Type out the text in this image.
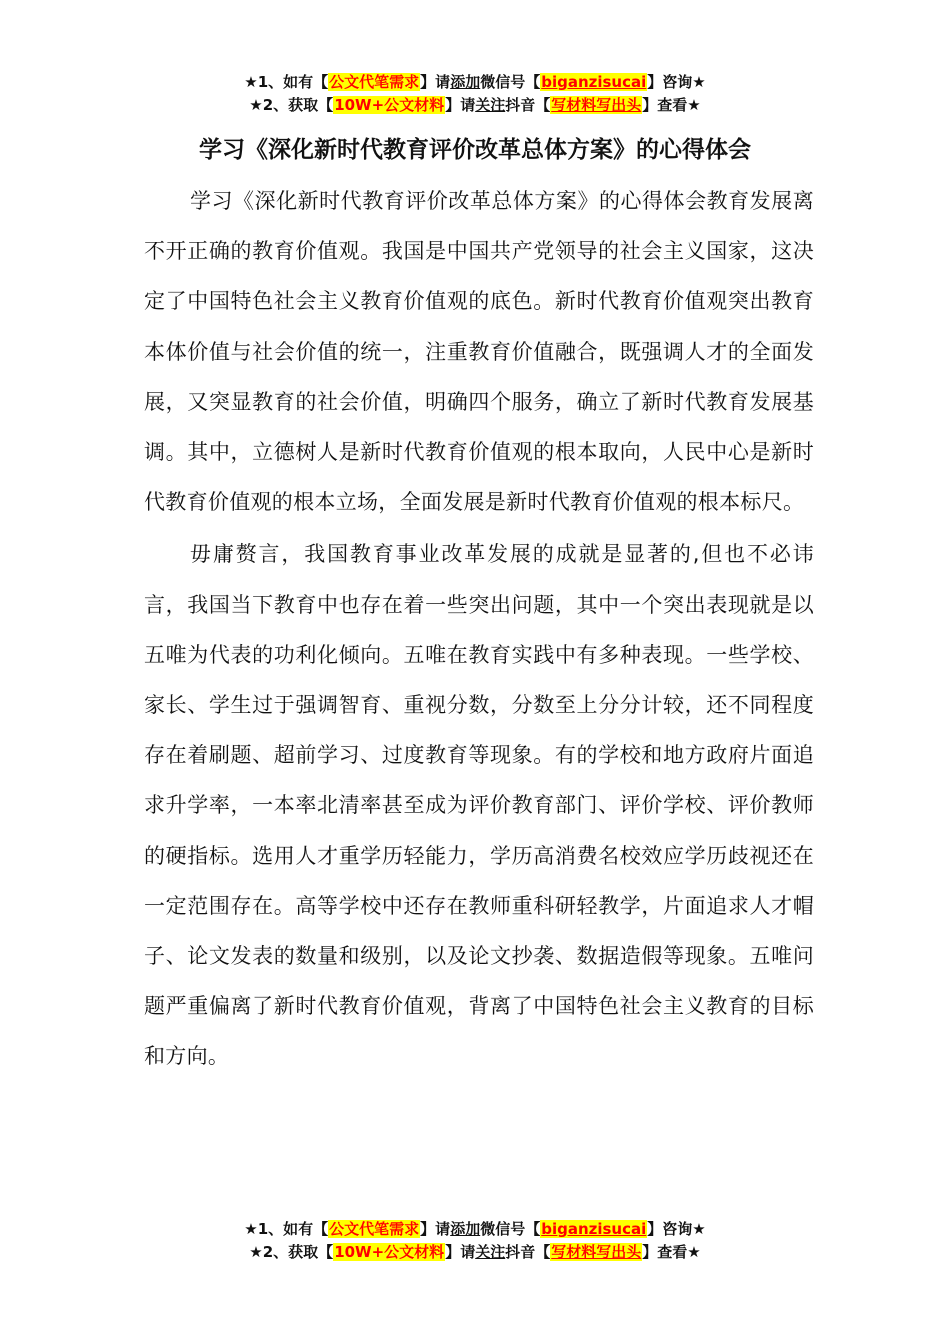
★1、如有【公文代笔需求】请添加微信号【biganzisucai】咨询★
★2、获取【10W+公文材料】请关注抖音【写材料写出头】查看★
学习《深化新时代教育评价改革总体方案》的心得体会

学习《深化新时代教育评价改革总体方案》的心得体会教育发展离不开正确的教育价值观。我国是中国共产党领导的社会主义国家，这决定了中国特色社会主义教育价值观的底色。新时代教育价值观突出教育本体价值与社会价值的统一，注重教育价值融合，既强调人才的全面发展，又突显教育的社会价值，明确四个服务，确立了新时代教育发展基调。其中，立德树人是新时代教育价值观的根本取向，人民中心是新时代教育价值观的根本立场，全面发展是新时代教育价值观的根本标尺。

毋庸赘言，我国教育事业改革发展的成就是显著的,但也不必讳言，我国当下教育中也存在着一些突出问题，其中一个突出表现就是以五唯为代表的功利化倾向。五唯在教育实践中有多种表现。一些学校、家长、学生过于强调智育、重视分数，分数至上分分计较，还不同程度存在着刷题、超前学习、过度教育等现象。有的学校和地方政府片面追求升学率，一本率北清率甚至成为评价教育部门、评价学校、评价教师的硬指标。选用人才重学历轻能力，学历高消费名校效应学历歧视还在一定范围存在。高等学校中还存在教师重科研轻教学，片面追求人才帽子、论文发表的数量和级别，以及论文抄袭、数据造假等现象。五唯问题严重偏离了新时代教育价值观，背离了中国特色社会主义教育的目标和方向。

★1、如有【公文代笔需求】请添加微信号【biganzisucai】咨询★
★2、获取【10W+公文材料】请关注抖音【写材料写出头】查看★
